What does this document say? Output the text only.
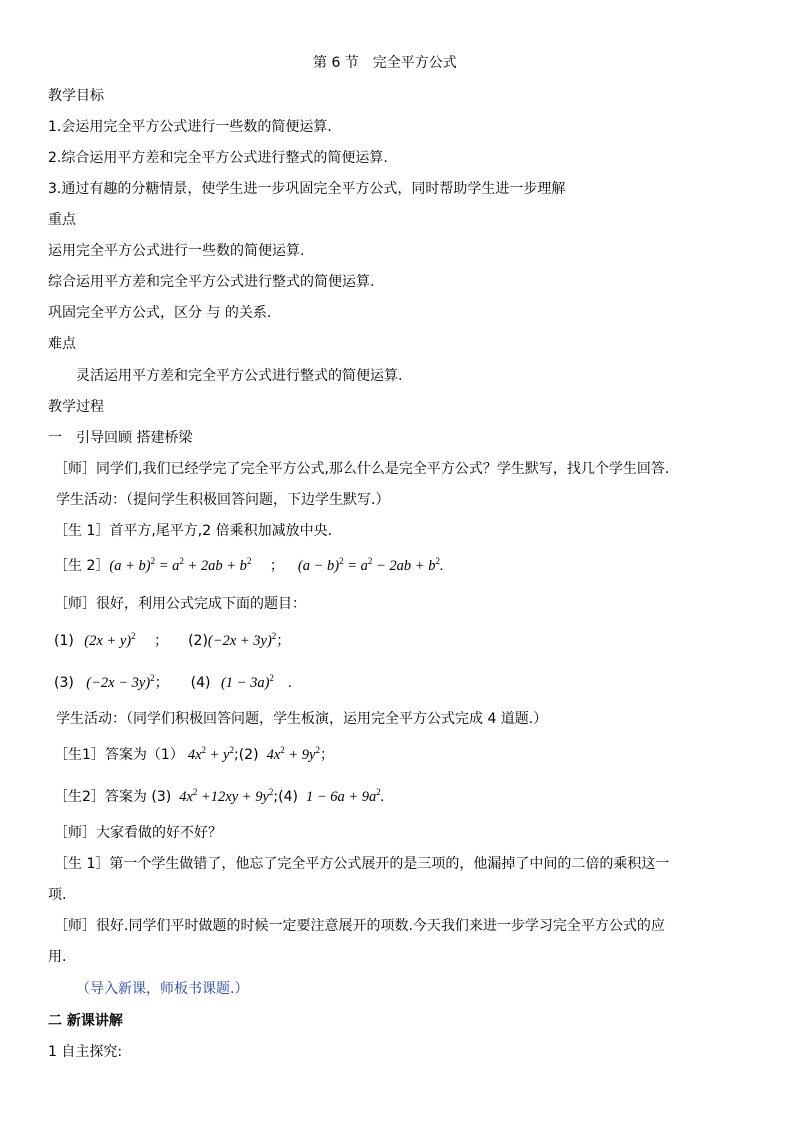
第 6 节　完全平方公式
教学目标
1.会运用完全平方公式进行一些数的简便运算.
2.综合运用平方差和完全平方公式进行整式的简便运算.
3.通过有趣的分糖情景，使学生进一步巩固完全平方公式，同时帮助学生进一步理解
重点
运用完全平方公式进行一些数的简便运算.
综合运用平方差和完全平方公式进行整式的简便运算.
巩固完全平方公式，区分 与 的关系.
难点
灵活运用平方差和完全平方公式进行整式的简便运算.
教学过程
一　引导回顾 搭建桥梁
［师］同学们,我们已经学完了完全平方公式,那么什么是完全平方公式？学生默写，找几个学生回答.
学生活动：（提问学生积极回答问题，下边学生默写.）
［生 1］首平方,尾平方,2 倍乘积加减放中央.
［生 2］(a + $b)^2 = a^2 + 2ab + b^2$ ； $(a - b)^2 = a^2 - 2ab + b^2$.
［师］很好，利用公式完成下面的题目：
(1) $(2x + y)^2$ ； $(2)(-2x + 3y)^2$；
(3) $(-2x - 3y)^2$； (4) $(1 - 3a)^2$ .
学生活动：（同学们积极回答问题，学生板演，运用完全平方公式完成 4 道题.）
［生1］答案为（1） $4x^2$ + $y^2;(2) 4x^2 + 9y^2$；
［生2］答案为 (3) $4x^2 +12xy$ + $9y^2;(4) 1 - 6a + 9a^2$.
［师］大家看做的好不好？
［生 1］第一个学生做错了，他忘了完全平方公式展开的是三项的，他漏掉了中间的二倍的乘积这一
项.
［师］很好.同学们平时做题的时候一定要注意展开的项数.今天我们来进一步学习完全平方公式的应
用.
（导入新课，师板书课题.）
二 新课讲解
1 自主探究:
